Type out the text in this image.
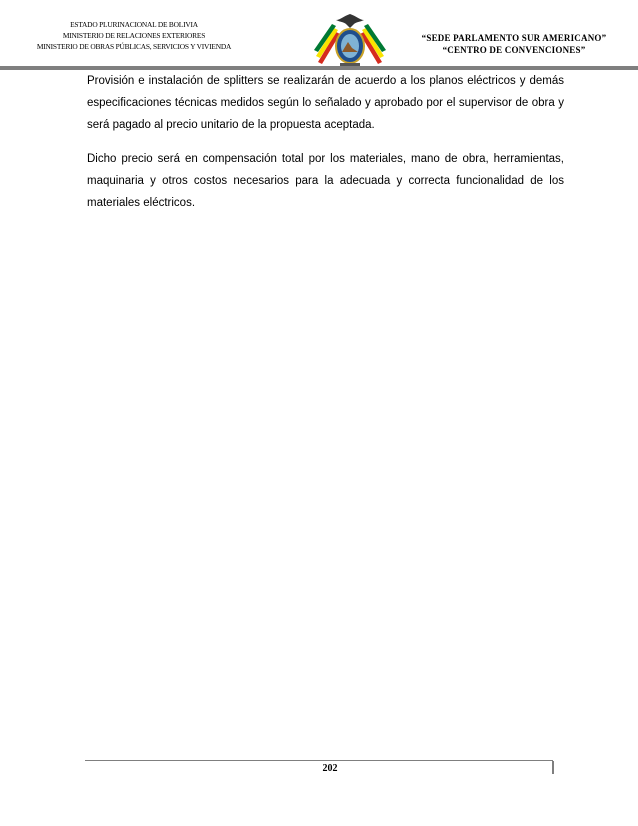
ESTADO PLURINACIONAL DE BOLIVIA
MINISTERIO DE RELACIONES EXTERIORES
MINISTERIO DE OBRAS PÚBLICAS, SERVICIOS Y VIVIENDA
“SEDE PARLAMENTO SUR AMERICANO”
“CENTRO DE CONVENCIONES”

Provisión e instalación de splitters se realizarán de acuerdo a los planos eléctricos y demás especificaciones técnicas medidos según lo señalado y aprobado por el supervisor de obra y será pagado al precio unitario de la propuesta aceptada.

Dicho precio será en compensación total por los materiales, mano de obra, herramientas, maquinaria y otros costos necesarios para la adecuada y correcta funcionalidad de los materiales eléctricos.

202
